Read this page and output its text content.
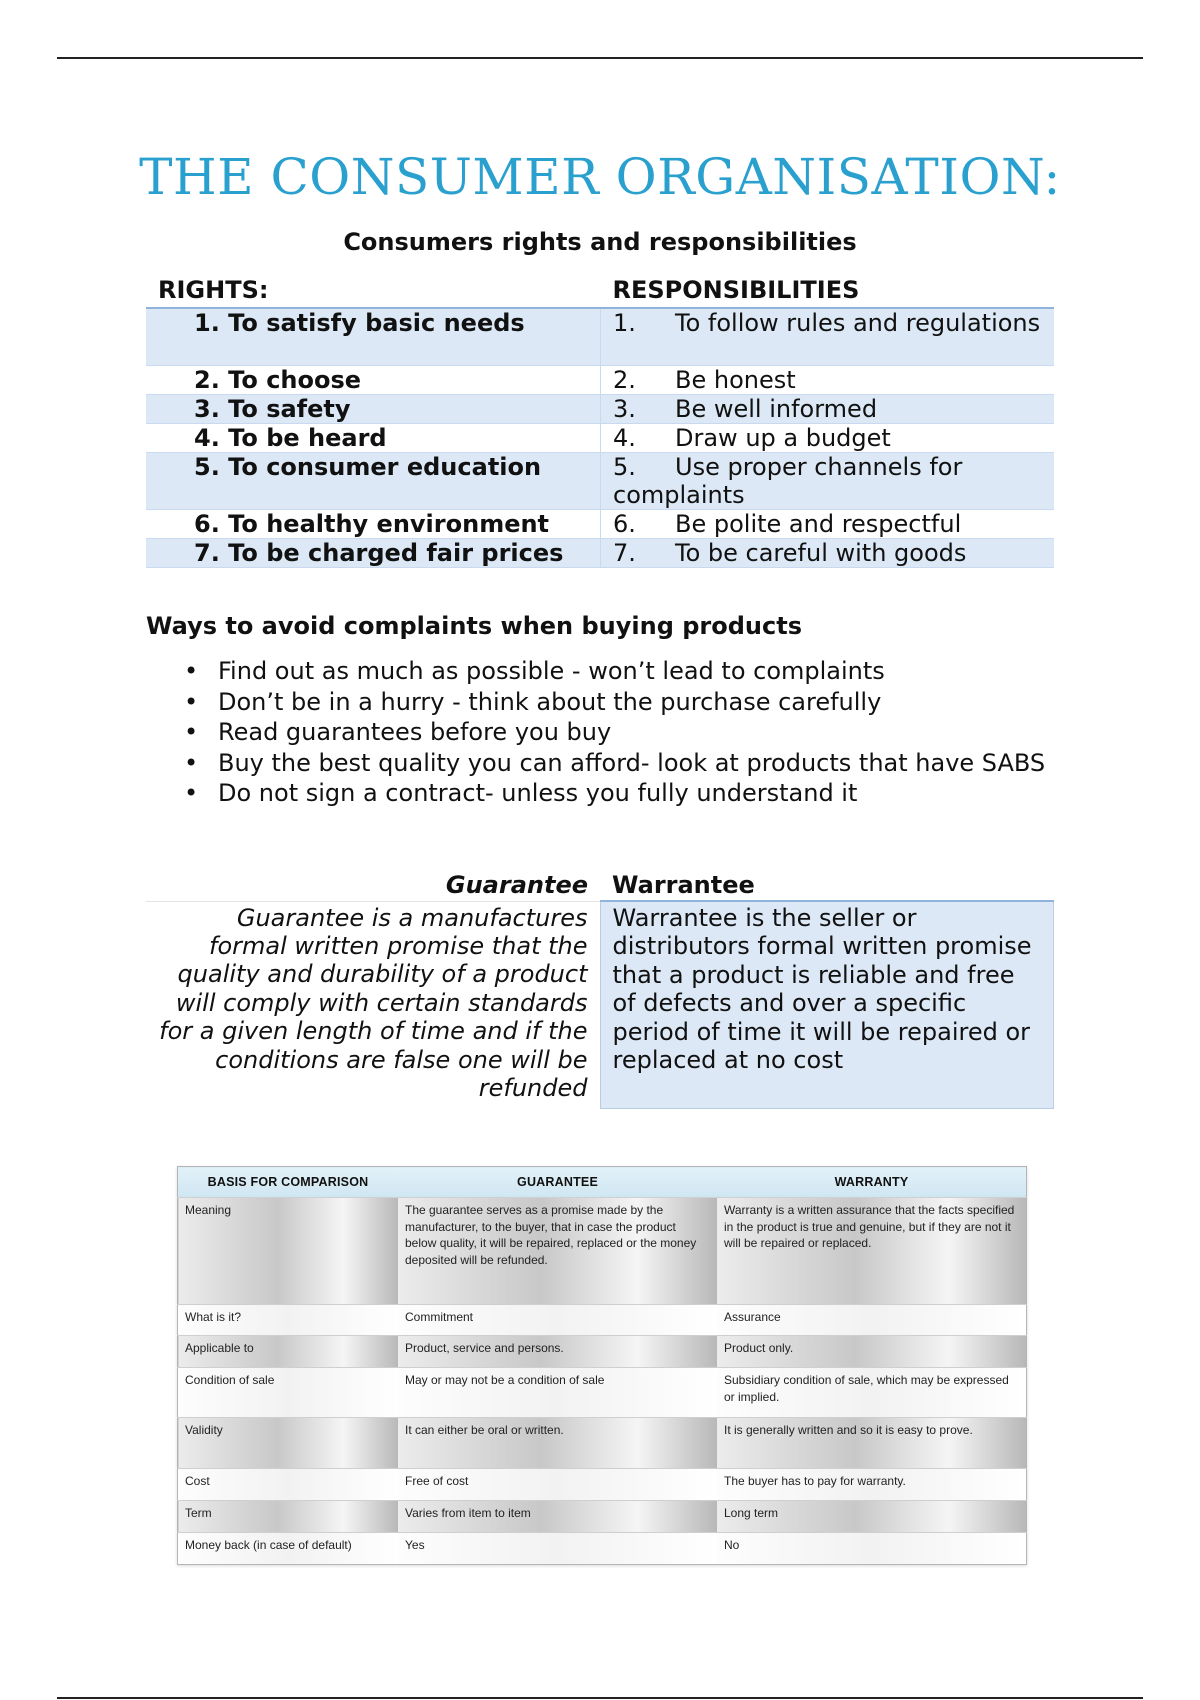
THE CONSUMER ORGANISATION:
Consumers rights and responsibilities
RIGHTS:	RESPONSIBILITIES
1. To satisfy basic needs	1. To follow rules and regulations
2. To choose	2. Be honest
3. To safety	3. Be well informed
4. To be heard	4. Draw up a budget
5. To consumer education	5. Use proper channels for complaints
6. To healthy environment	6. Be polite and respectful
7. To be charged fair prices	7. To be careful with goods
Ways to avoid complaints when buying products
• Find out as much as possible - won’t lead to complaints
• Don’t be in a hurry - think about the purchase carefully
• Read guarantees before you buy
• Buy the best quality you can afford- look at products that have SABS
• Do not sign a contract- unless you fully understand it
Guarantee	Warrantee
Guarantee is a manufactures formal written promise that the quality and durability of a product will comply with certain standards for a given length of time and if the conditions are false one will be refunded	Warrantee is the seller or distributors formal written promise that a product is reliable and free of defects and over a specific period of time it will be repaired or replaced at no cost
BASIS FOR COMPARISON	GUARANTEE	WARRANTY
Meaning	The guarantee serves as a promise made by the manufacturer, to the buyer, that in case the product below quality, it will be repaired, replaced or the money deposited will be refunded.	Warranty is a written assurance that the facts specified in the product is true and genuine, but if they are not it will be repaired or replaced.
What is it?	Commitment	Assurance
Applicable to	Product, service and persons.	Product only.
Condition of sale	May or may not be a condition of sale	Subsidiary condition of sale, which may be expressed or implied.
Validity	It can either be oral or written.	It is generally written and so it is easy to prove.
Cost	Free of cost	The buyer has to pay for warranty.
Term	Varies from item to item	Long term
Money back (in case of default)	Yes	No
